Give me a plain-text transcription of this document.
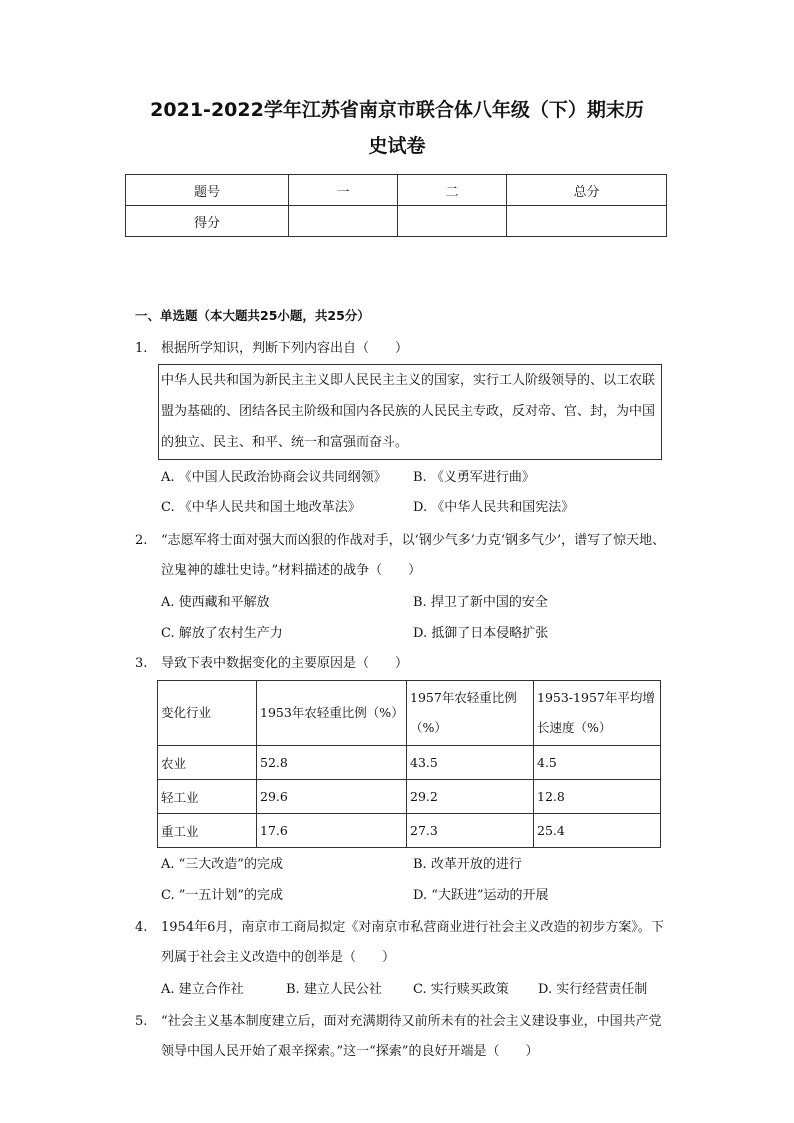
2021-2022学年江苏省南京市联合体八年级（下）期末历
史试卷
题号	一	二	总分
得分			
一、单选题（本大题共25小题，共25分）
1.	根据所学知识，判断下列内容出自（　　）
中华人民共和国为新民主主义即人民民主主义的国家，实行工人阶级领导的、以工农联盟为基础的、团结各民主阶级和国内各民族的人民民主专政，反对帝、官、封，为中国的独立、民主、和平、统一和富强而奋斗。
A. 《中国人民政治协商会议共同纲领》 B. 《义勇军进行曲》
C. 《中华人民共和国土地改革法》	D. 《中华人民共和国宪法》
2.	“志愿军将士面对强大而凶狠的作战对手，以‘钢少气多’力克‘钢多气少’，谱写了惊天地、泣鬼神的雄壮史诗。”材料描述的战争（　　）
A. 使西藏和平解放	B. 捍卫了新中国的安全
C. 解放了农村生产力	D. 抵御了日本侵略扩张
3.	导致下表中数据变化的主要原因是（　　）
变化行业	1953年农轻重比例（%）	1957年农轻重比例（%）	1953-1957年平均增长速度（%）
农业	52.8	43.5	4.5
轻工业	29.6	29.2	12.8
重工业	17.6	27.3	25.4
A. “三大改造”的完成	B. 改革开放的进行
C. ”一五计划”的完成	D. “大跃进”运动的开展
4.	1954年6月，南京市工商局拟定《对南京市私营商业进行社会主义改造的初步方案》。下列属于社会主义改造中的创举是（　　）
A. 建立合作社	B. 建立人民公社 C. 实行赎买政策 D. 实行经营责任制
5.	“社会主义基本制度建立后，面对充满期待又前所未有的社会主义建设事业，中国共产党领导中国人民开始了艰辛探索。”这一“探索”的良好开端是（　　）
